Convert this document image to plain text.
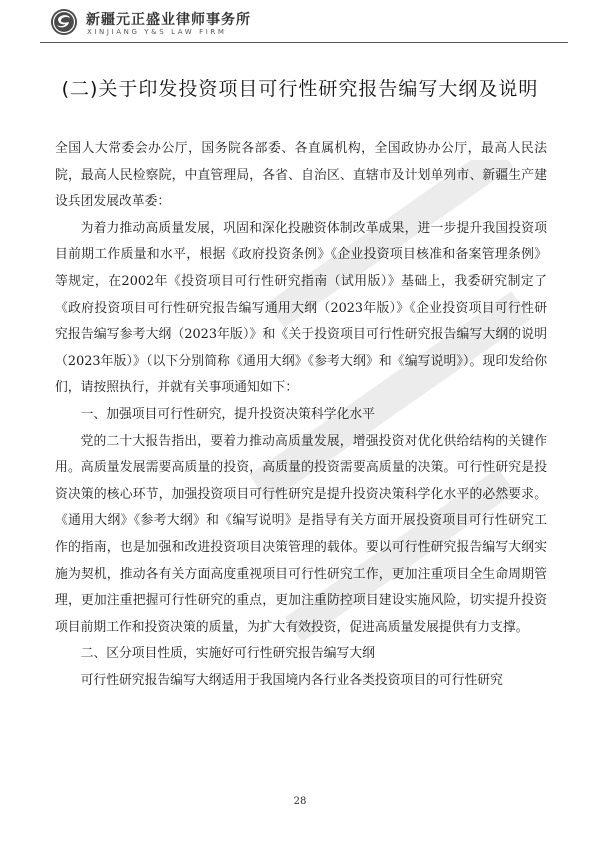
新疆元正盛业律师事务所
XINJIANG Y&S LAW FIRM
(二)关于印发投资项目可行性研究报告编写大纲及说明

全国人大常委会办公厅，国务院各部委、各直属机构，全国政协办公厅，最高人民法院，最高人民检察院，中直管理局，各省、自治区、直辖市及计划单列市、新疆生产建设兵团发展改革委：

为着力推动高质量发展，巩固和深化投融资体制改革成果，进一步提升我国投资项目前期工作质量和水平，根据《政府投资条例》《企业投资项目核准和备案管理条例》等规定，在2002年《投资项目可行性研究指南（试用版）》基础上，我委研究制定了《政府投资项目可行性研究报告编写通用大纲（2023年版）》《企业投资项目可行性研究报告编写参考大纲（2023年版）》和《关于投资项目可行性研究报告编写大纲的说明（2023年版）》（以下分别简称《通用大纲》《参考大纲》和《编写说明》）。现印发给你们，请按照执行，并就有关事项通知如下：

一、加强项目可行性研究，提升投资决策科学化水平

党的二十大报告指出，要着力推动高质量发展，增强投资对优化供给结构的关键作用。高质量发展需要高质量的投资，高质量的投资需要高质量的决策。可行性研究是投资决策的核心环节，加强投资项目可行性研究是提升投资决策科学化水平的必然要求。《通用大纲》《参考大纲》和《编写说明》是指导有关方面开展投资项目可行性研究工作的指南，也是加强和改进投资项目决策管理的载体。要以可行性研究报告编写大纲实施为契机，推动各有关方面高度重视项目可行性研究工作，更加注重项目全生命周期管理，更加注重把握可行性研究的重点，更加注重防控项目建设实施风险，切实提升投资项目前期工作和投资决策的质量，为扩大有效投资，促进高质量发展提供有力支撑。

二、区分项目性质，实施好可行性研究报告编写大纲

可行性研究报告编写大纲适用于我国境内各行业各类投资项目的可行性研究

28
